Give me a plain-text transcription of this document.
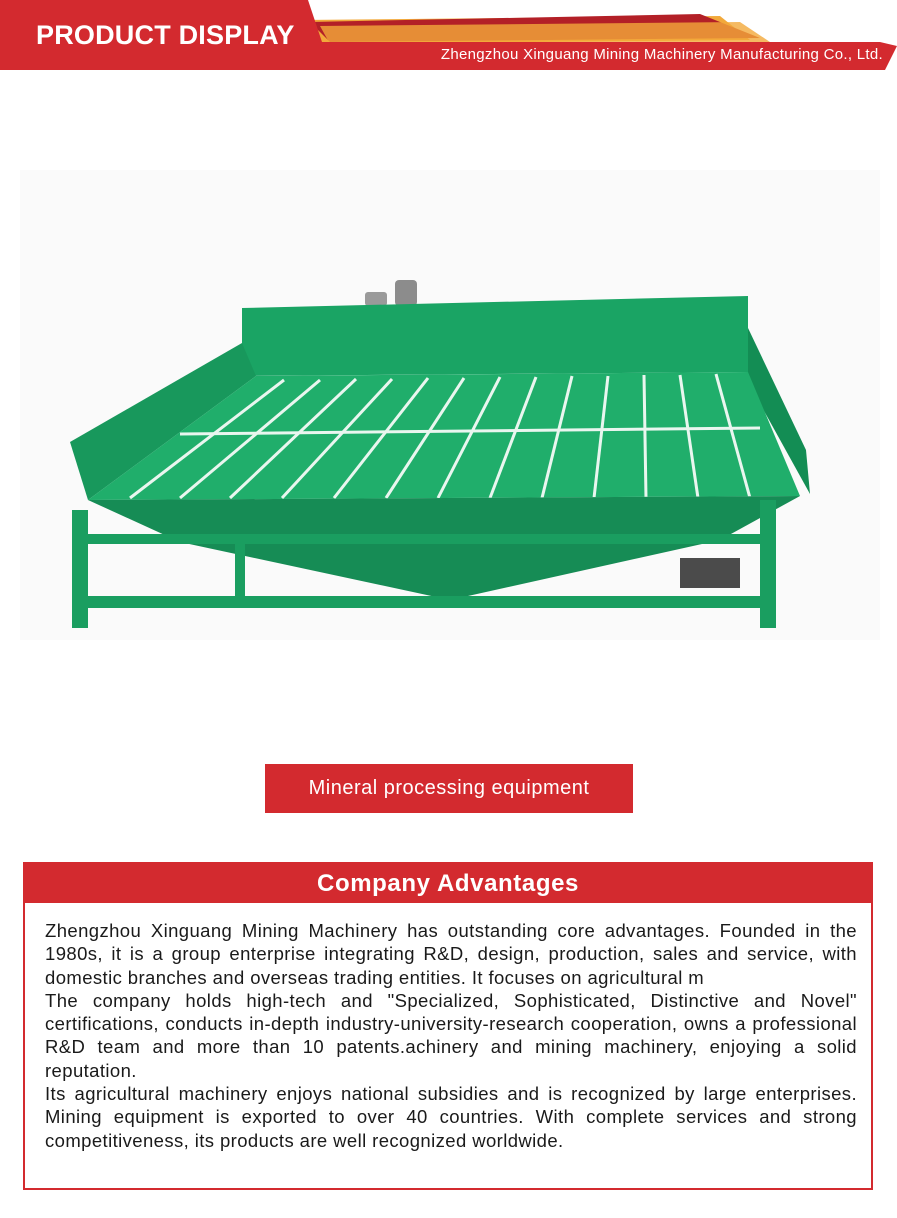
PRODUCT DISPLAY
Zhengzhou Xinguang Mining Machinery Manufacturing Co., Ltd.
Mineral processing equipment
Company Advantages

Zhengzhou Xinguang Mining Machinery has outstanding core advantages. Founded in the 1980s, it is a group enterprise integrating R&D, design, production, sales and service, with domestic branches and overseas trading entities. It focuses on agricultural m

The company holds high-tech and "Specialized, Sophisticated, Distinctive and Novel" certifications, conducts in-depth industry-university-research cooperation, owns a professional R&D team and more than 10 patents.achinery and mining machinery, enjoying a solid reputation.

Its agricultural machinery enjoys national subsidies and is recognized by large enterprises. Mining equipment is exported to over 40 countries. With complete services and strong competitiveness, its products are well recognized worldwide.
